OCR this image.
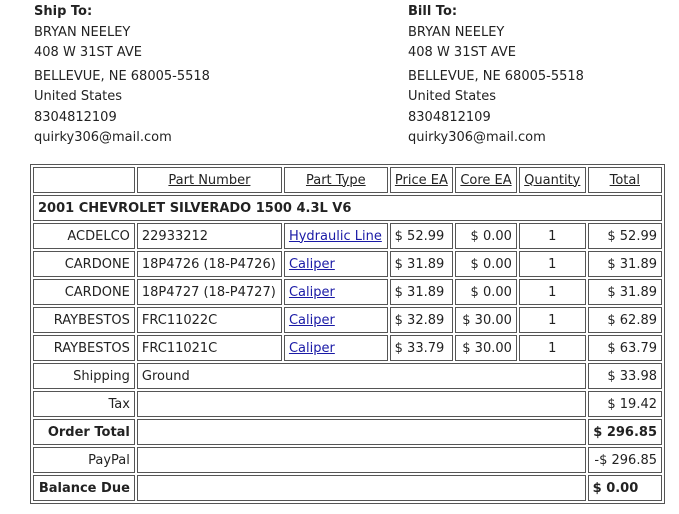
Ship To:
BRYAN NEELEY
408 W 31ST AVE
BELLEVUE, NE 68005-5518
United States
8304812109
quirky306@mail.com
Bill To:
BRYAN NEELEY
408 W 31ST AVE
BELLEVUE, NE 68005-5518
United States
8304812109
quirky306@mail.com
	Part Number	Part Type	Price EA	Core EA	Quantity	Total
2001 CHEVROLET SILVERADO 1500 4.3L V6						
ACDELCO	22933212	Hydraulic Line	$ 52.99	$ 0.00	1	$ 52.99
CARDONE	18P4726 (18-P4726)	Caliper	$ 31.89	$ 0.00	1	$ 31.89
CARDONE	18P4727 (18-P4727)	Caliper	$ 31.89	$ 0.00	1	$ 31.89
RAYBESTOS	FRC11022C	Caliper	$ 32.89	$ 30.00	1	$ 62.89
RAYBESTOS	FRC11021C	Caliper	$ 33.79	$ 30.00	1	$ 63.79
Shipping	Ground					$ 33.98
Tax						$ 19.42
Order Total						$ 296.85
PayPal						-$ 296.85
Balance Due						$ 0.00
